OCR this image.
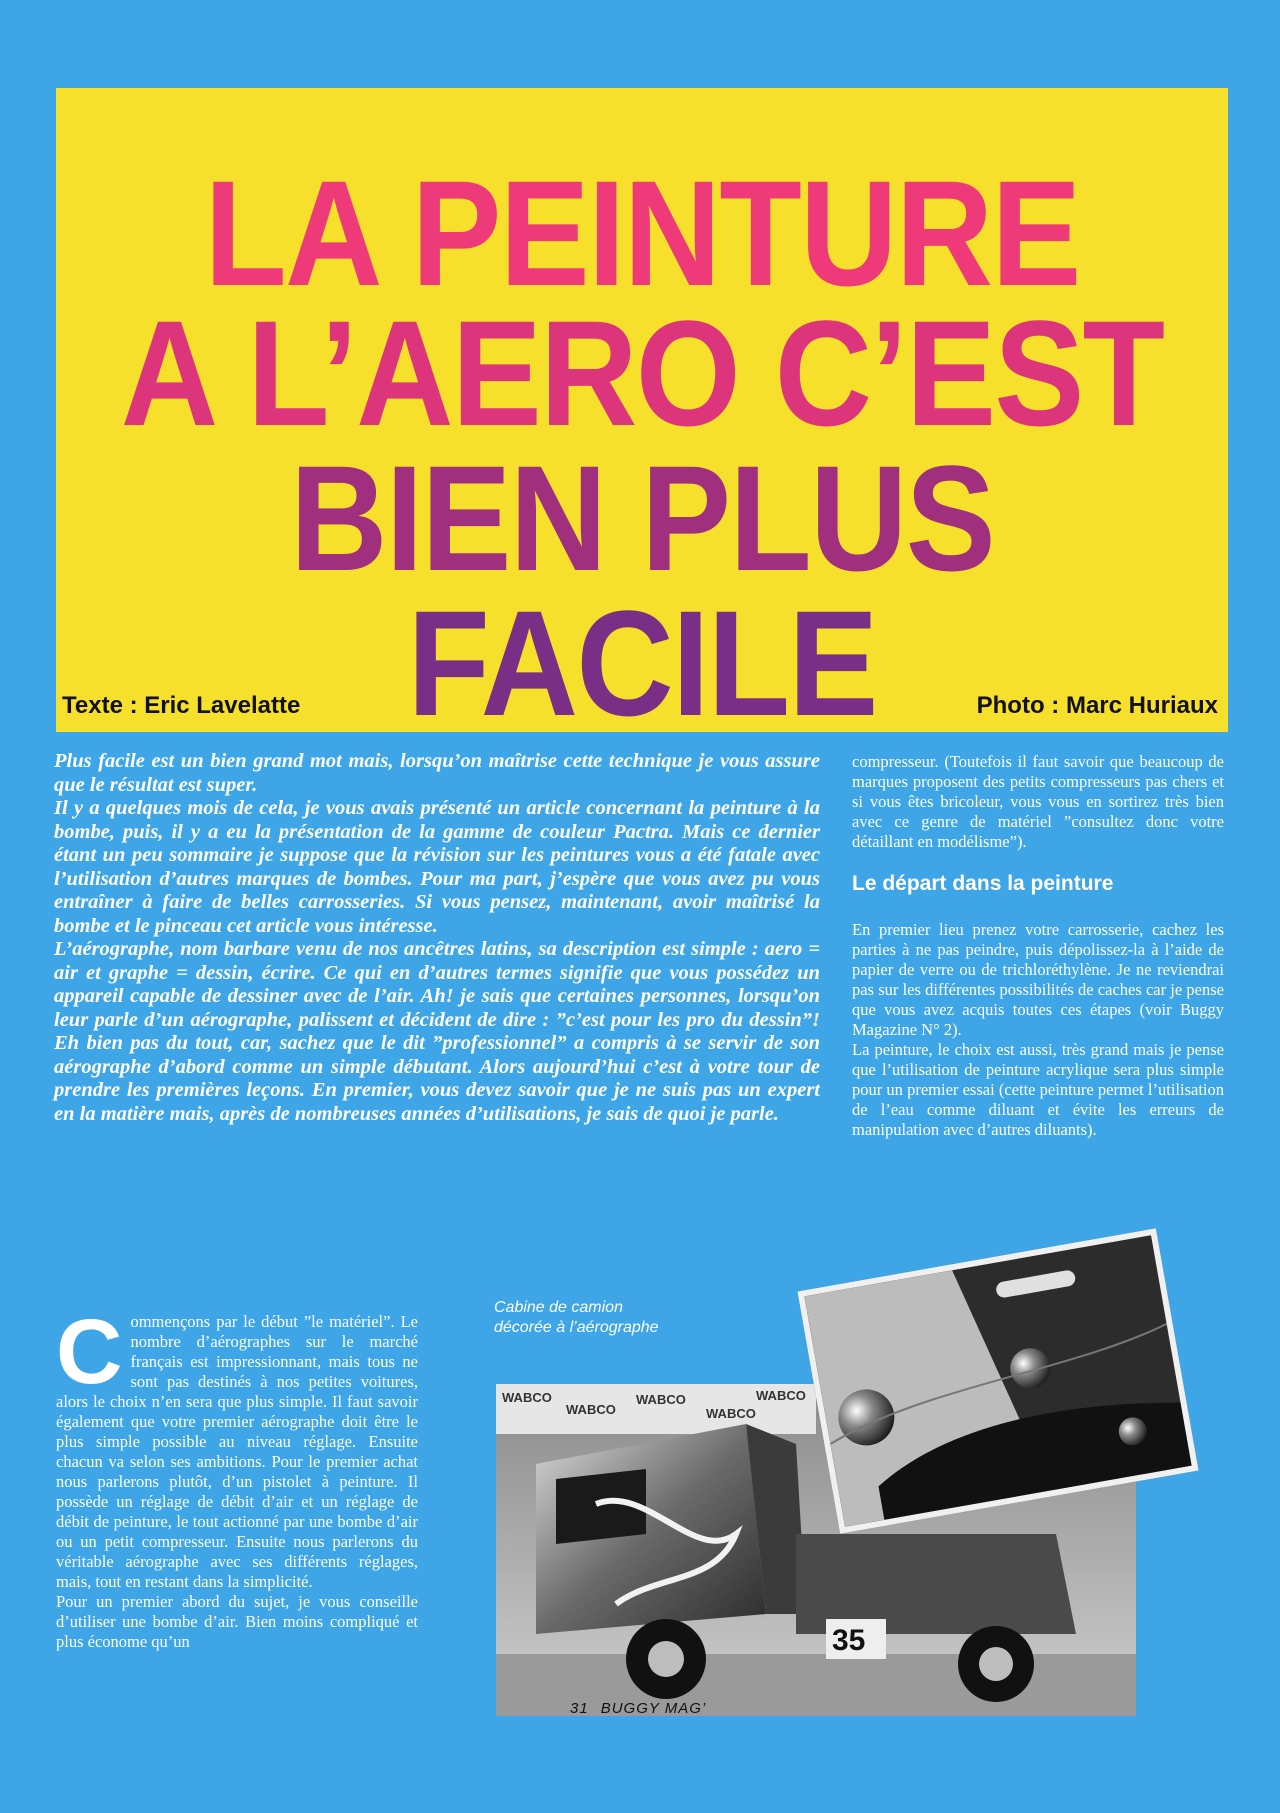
LA PEINTURE
A L’AERO C’EST
BIEN PLUS
FACILE
Texte : Eric Lavelatte	Photo : Marc Huriaux

Plus facile est un bien grand mot mais, lorsqu’on maîtrise cette technique je vous assure que le résultat est super.

Il y a quelques mois de cela, je vous avais présenté un article concernant la peinture à la bombe, puis, il y a eu la présentation de la gamme de couleur Pactra. Mais ce dernier étant un peu sommaire je suppose que la révision sur les peintures vous a été fatale avec l’utilisation d’autres marques de bombes. Pour ma part, j’espère que vous avez pu vous entraîner à faire de belles carrosseries. Si vous pensez, maintenant, avoir maîtrisé la bombe et le pinceau cet article vous intéresse.

L’aérographe, nom barbare venu de nos ancêtres latins, sa description est simple : aero = air et graphe = dessin, écrire. Ce qui en d’autres termes signifie que vous possédez un appareil capable de dessiner avec de l’air. Ah! je sais que certaines personnes, lorsqu’on leur parle d’un aérographe, palissent et décident de dire : ”c’est pour les pro du dessin”! Eh bien pas du tout, car, sachez que le dit ”professionnel” a compris à se servir de son aérographe d’abord comme un simple débutant. Alors aujourd’hui c’est à votre tour de prendre les premières leçons. En premier, vous devez savoir que je ne suis pas un expert en la matière mais, après de nombreuses années d’utilisations, je sais de quoi je parle.

compresseur. (Toutefois il faut savoir que beaucoup de marques proposent des petits compresseurs pas chers et si vous êtes bricoleur, vous vous en sortirez très bien avec ce genre de matériel ”consultez donc votre détaillant en modélisme”).

Le départ dans la peinture

En premier lieu prenez votre carrosserie, cachez les parties à ne pas peindre, puis dépolissez-la à l’aide de papier de verre ou de trichloréthylène. Je ne reviendrai pas sur les différentes possibilités de caches car je pense que vous avez acquis toutes ces étapes (voir Buggy Magazine N° 2).

La peinture, le choix est aussi, très grand mais je pense que l’utilisation de peinture acrylique sera plus simple pour un premier essai (cette peinture permet l’utilisation de l’eau comme diluant et évite les erreurs de manipulation avec d’autres diluants).

Commençons par le début ”le matériel”. Le nombre d’aérographes sur le marché français est impressionnant, mais tous ne sont pas destinés à nos petites voitures, alors le choix n’en sera que plus simple. Il faut savoir également que votre premier aérographe doit être le plus simple possible au niveau réglage. Ensuite chacun va selon ses ambitions. Pour le premier achat nous parlerons plutôt, d’un pistolet à peinture. Il possède un réglage de débit d’air et un réglage de débit de peinture, le tout actionné par une bombe d’air ou un petit compresseur. Ensuite nous parlerons du véritable aérographe avec ses différents réglages, mais, tout en restant dans la simplicité.

Pour un premier abord du sujet, je vous conseille d’utiliser une bombe d’air. Bien moins compliqué et plus économe qu’un

Cabine de camion
décorée à l’aérographe
WABCO
WABCO
WABCO
WABCO
WABCO
35
31 BUGGY MAG’
